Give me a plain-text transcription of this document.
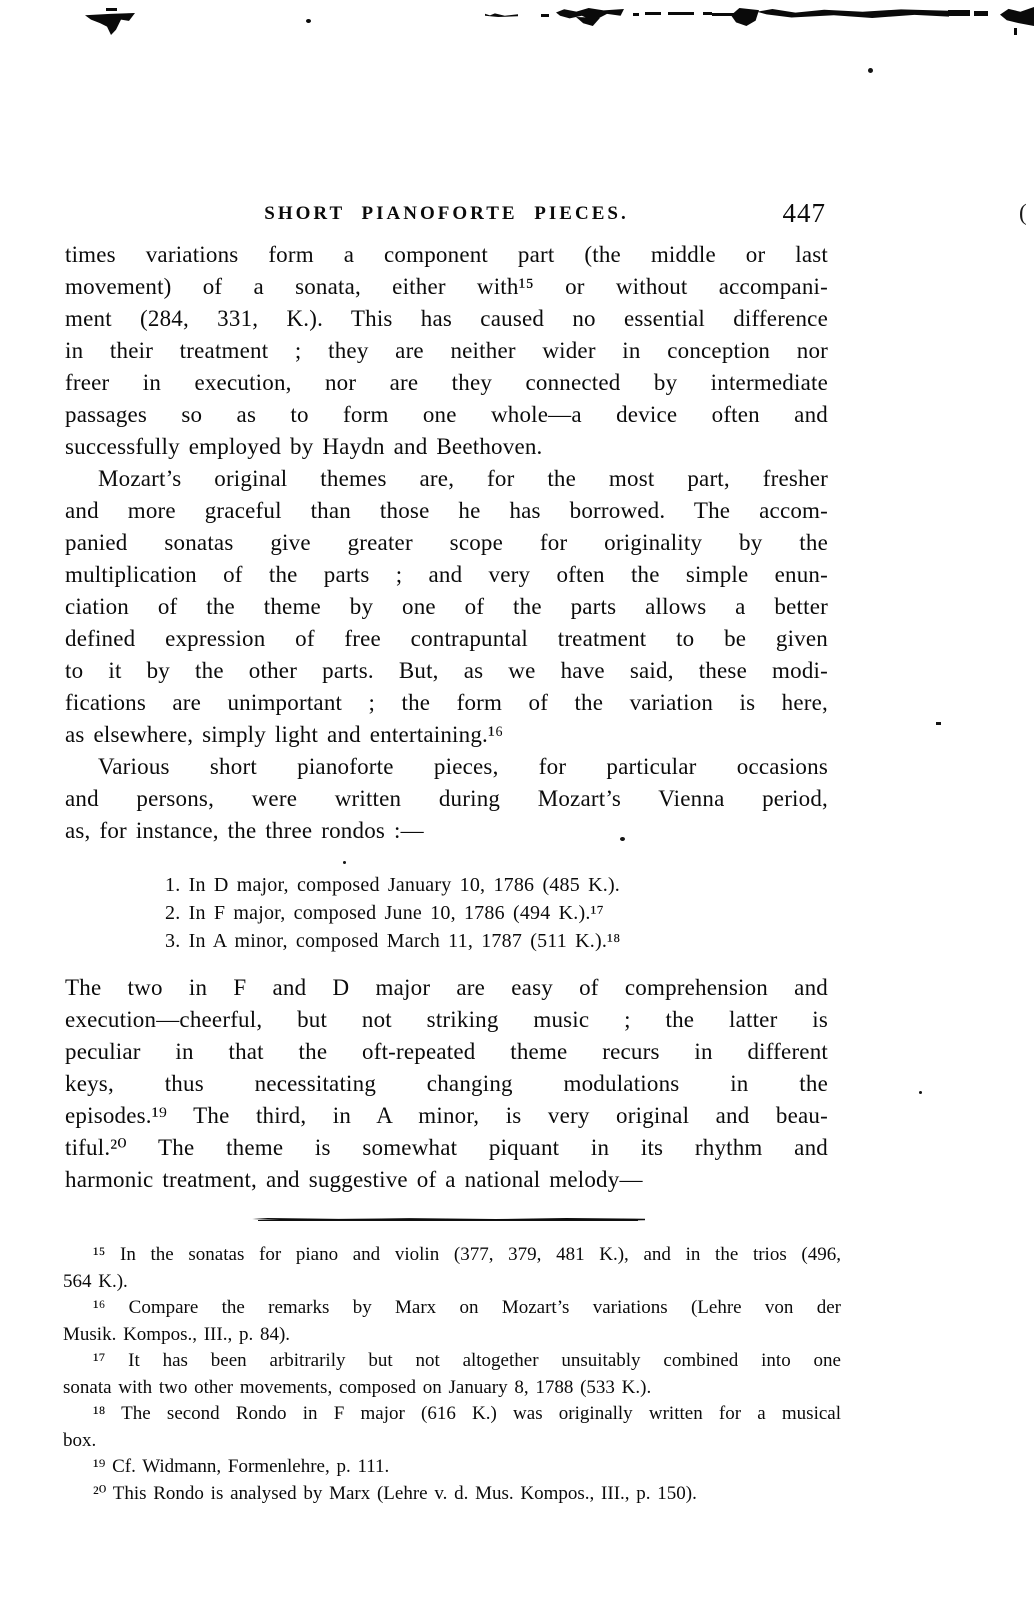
SHORT PIANOFORTE PIECES.	447	(
times variations form a component part (the middle or last
movement) of a sonata, either with¹⁵ or without accompani-
ment (284, 331, K.). This has caused no essential difference
in their treatment ; they are neither wider in conception nor
freer in execution, nor are they connected by intermediate
passages so as to form one whole—a device often and
successfully employed by Haydn and Beethoven.
Mozart’s original themes are, for the most part, fresher
and more graceful than those he has borrowed. The accom-
panied sonatas give greater scope for originality by the
multiplication of the parts ; and very often the simple enun-
ciation of the theme by one of the parts allows a better
defined expression of free contrapuntal treatment to be given
to it by the other parts. But, as we have said, these modi-
fications are unimportant ; the form of the variation is here,
as elsewhere, simply light and entertaining.¹⁶
Various short pianoforte pieces, for particular occasions
and persons, were written during Mozart’s Vienna period,
as, for instance, the three rondos :—
1. In D major, composed January 10, 1786 (485 K.).
2. In F major, composed June 10, 1786 (494 K.).¹⁷
3. In A minor, composed March 11, 1787 (511 K.).¹⁸
The two in F and D major are easy of comprehension and
execution—cheerful, but not striking music ; the latter is
peculiar in that the oft-repeated theme recurs in different
keys, thus necessitating changing modulations in the
episodes.¹⁹ The third, in A minor, is very original and beau-
tiful.²⁰ The theme is somewhat piquant in its rhythm and
harmonic treatment, and suggestive of a national melody—
¹⁵ In the sonatas for piano and violin (377, 379, 481 K.), and in the trios (496,
564 K.).
¹⁶ Compare the remarks by Marx on Mozart’s variations (Lehre von der
Musik. Kompos., III., p. 84).
¹⁷ It has been arbitrarily but not altogether unsuitably combined into one
sonata with two other movements, composed on January 8, 1788 (533 K.).
¹⁸ The second Rondo in F major (616 K.) was originally written for a musical
box.
¹⁹ Cf. Widmann, Formenlehre, p. 111.
²⁰ This Rondo is analysed by Marx (Lehre v. d. Mus. Kompos., III., p. 150).
